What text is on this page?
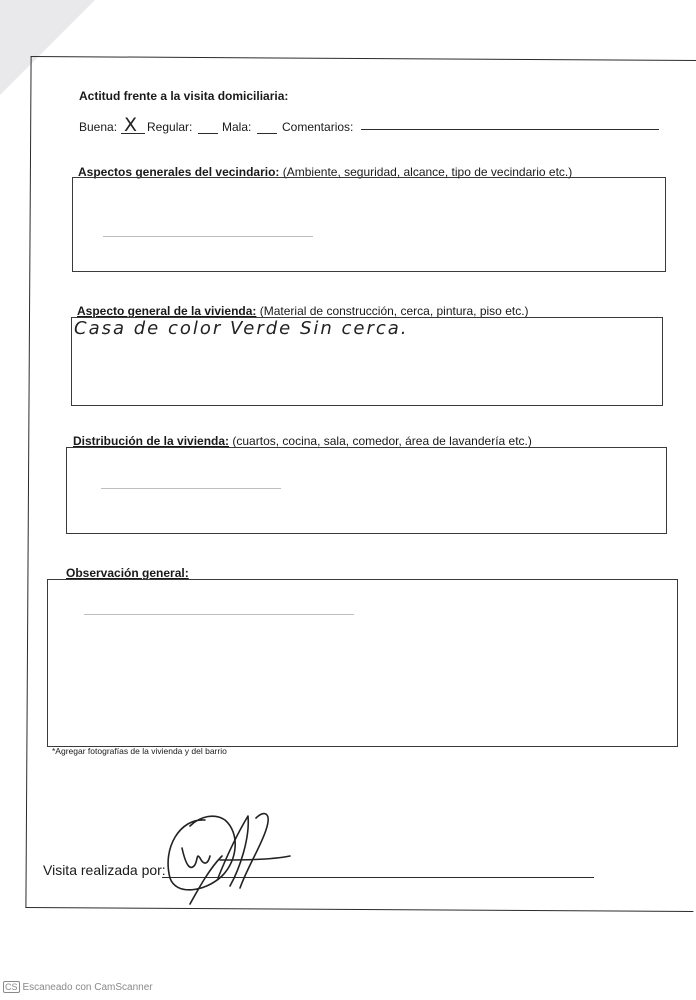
Actitud frente a la visita domiciliaria:
Buena: X Regular: Mala:	Comentarios:
Aspectos generales del vecindario: (Ambiente, seguridad, alcance, tipo de vecindario etc.)
Aspecto general de la vivienda: (Material de construcción, cerca, pintura, piso etc.)
Casa de color Verde Sin cerca.
Distribución de la vivienda: (cuartos, cocina, sala, comedor, área de lavandería etc.)
Observación general:
*Agregar fotografías de la vivienda y del barrio
Visita realizada por:
CS Escaneado con CamScanner
